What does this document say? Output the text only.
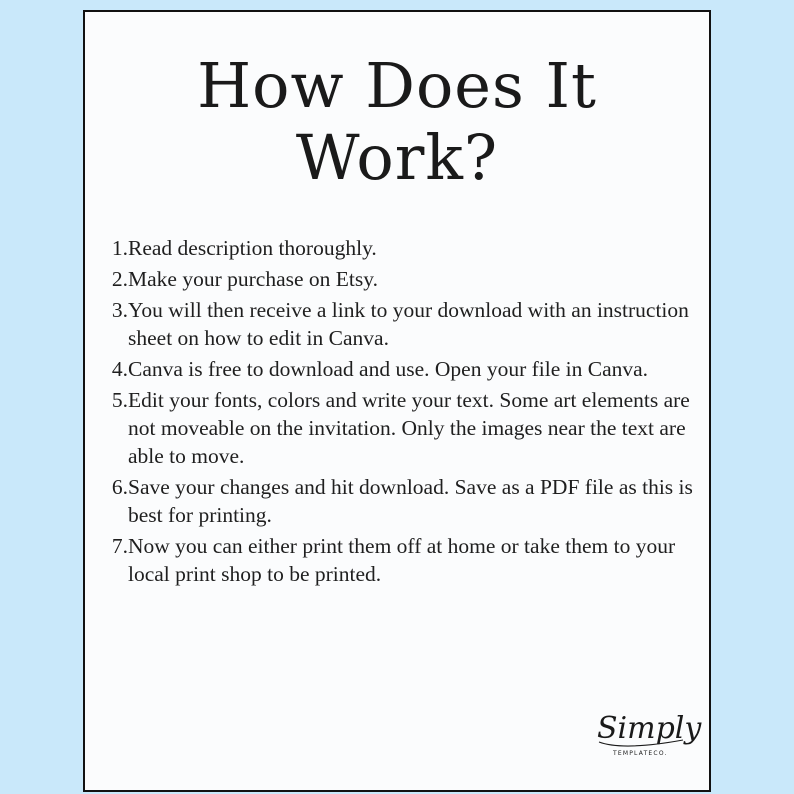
How Does It
Work?
1. Read description thoroughly.
2. Make your purchase on Etsy.
3. You will then receive a link to your download with an instruction sheet on how to edit in Canva.
4. Canva is free to download and use. Open your file in Canva.
5. Edit your fonts, colors and write your text. Some art elements are not moveable on the invitation. Only the images near the text are able to move.
6. Save your changes and hit download. Save as a PDF file as this is best for printing.
7. Now you can either print them off at home or take them to your local print shop to be printed.
Simply
TEMPLATECO.
